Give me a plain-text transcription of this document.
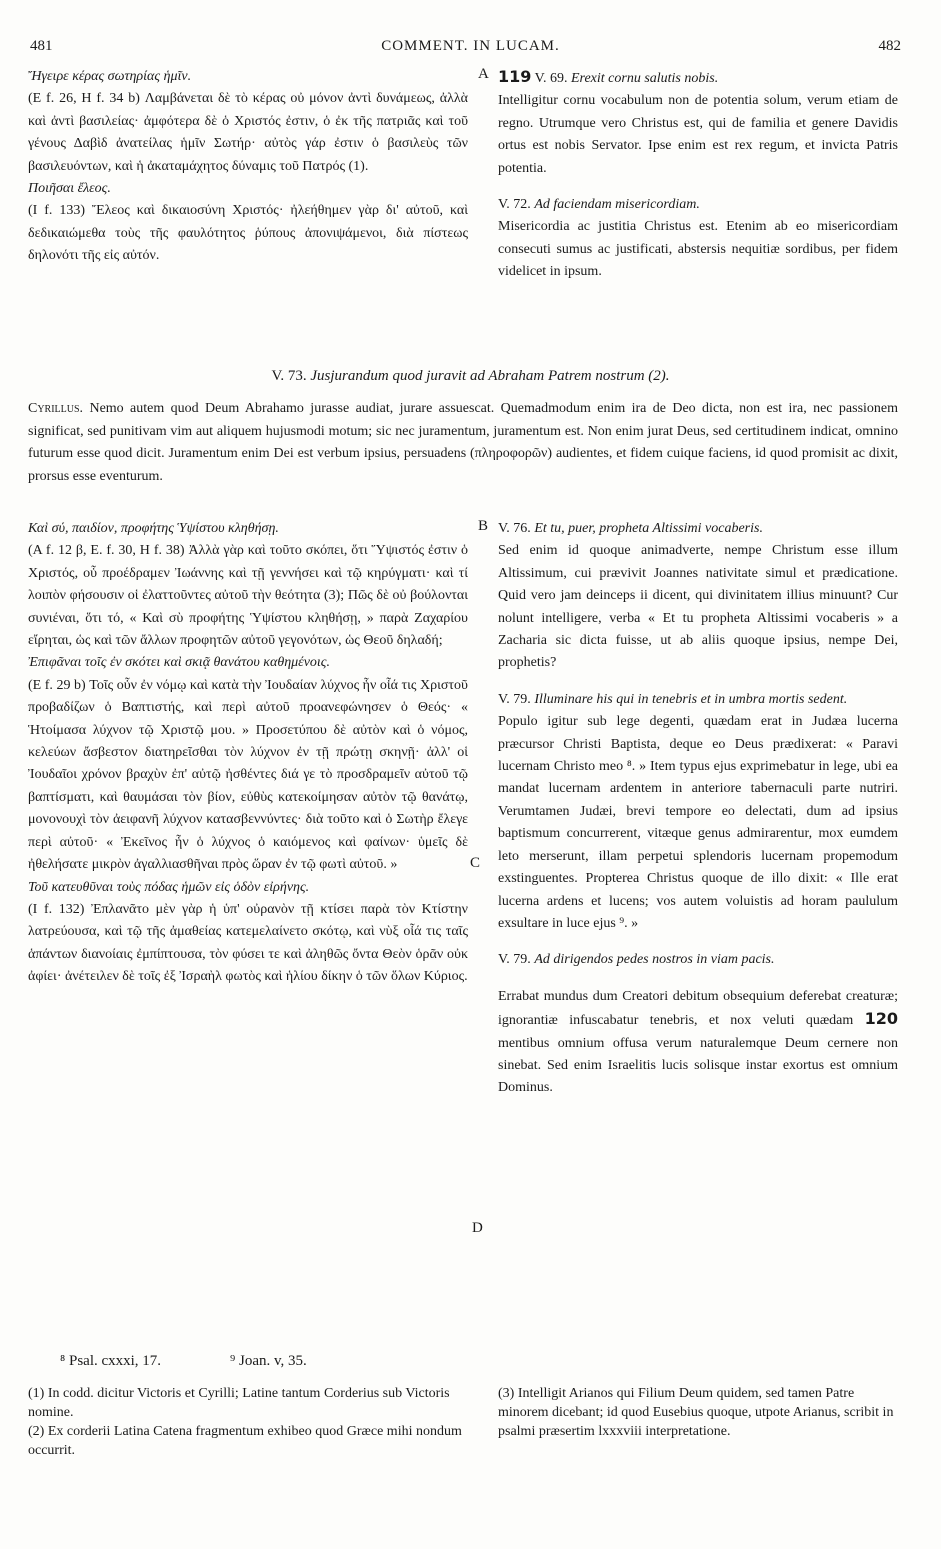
481	COMMENT. IN LUCAM.	482

Ἤγειρε κέρας σωτηρίας ἡμῖν.

(E f. 26, H f. 34 b) Λαμβάνεται δὲ τὸ κέρας οὐ μόνον ἀντὶ δυνάμεως, ἀλλὰ καὶ ἀντὶ βασιλείας· ἀμφότερα δὲ ὁ Χριστός ἐστιν, ὁ ἐκ τῆς πατριᾶς καὶ τοῦ γένους Δαβὶδ ἀνατείλας ἡμῖν Σωτήρ· αὐτὸς γάρ ἐστιν ὁ βασιλεὺς τῶν βασιλευόντων, καὶ ἡ ἀκαταμάχητος δύναμις τοῦ Πατρός (1).

Ποιῆσαι ἔλεος.

(I f. 133) Ἔλεος καὶ δικαιοσύνη Χριστός· ἠλεήθημεν γὰρ δι' αὐτοῦ, καὶ δεδικαιώμεθα τοὺς τῆς φαυλότητος ῥύπους ἀπονιψάμενοι, διὰ πίστεως δηλονότι τῆς εἰς αὐτόν.

A 119 V. 69. Erexit cornu salutis nobis.

Intelligitur cornu vocabulum non de potentia solum, verum etiam de regno. Utrumque vero Christus est, qui de familia et genere Davidis ortus est nobis Servator. Ipse enim est rex regum, et invicta Patris potentia.

V. 72. Ad faciendam misericordiam.

Misericordia ac justitia Christus est. Etenim ab eo misericordiam consecuti sumus ac justificati, abstersis nequitiæ sordibus, per fidem videlicet in ipsum.

V. 73. Jusjurandum quod juravit ad Abraham Patrem nostrum (2).

Cyrillus. Nemo autem quod Deum Abrahamo jurasse audiat, jurare assuescat. Quemadmodum enim ira de Deo dicta, non est ira, nec passionem significat, sed punitivam vim aut aliquem hujusmodi motum; sic nec juramentum, juramentum est. Non enim jurat Deus, sed certitudinem indicat, omnino futurum esse quod dicit. Juramentum enim Dei est verbum ipsius, persuadens (πληροφορῶν) audientes, et fidem cuique faciens, id quod promisit ac dixit, prorsus esse eventurum.

Καὶ σύ, παιδίον, προφήτης Ὑψίστου κληθήσῃ.

(A f. 12 β, E. f. 30, H f. 38) Ἀλλὰ γὰρ καὶ τοῦτο σκόπει, ὅτι Ὕψιστός ἐστιν ὁ Χριστός, οὗ προέδραμεν Ἰωάννης καὶ τῇ γεννήσει καὶ τῷ κηρύγματι· καὶ τί λοιπὸν φήσουσιν οἱ ἐλαττοῦντες αὐτοῦ τὴν θεότητα (3); Πῶς δὲ οὐ βούλονται συνιέναι, ὅτι τό, « Καὶ σὺ προφήτης Ὑψίστου κληθήσῃ, » παρὰ Ζαχαρίου εἴρηται, ὡς καὶ τῶν ἄλλων προφητῶν αὐτοῦ γεγονότων, ὡς Θεοῦ δηλαδή;

Ἐπιφᾶναι τοῖς ἐν σκότει καὶ σκιᾷ θανάτου καθημένοις.

(E f. 29 b) Τοῖς οὖν ἐν νόμῳ καὶ κατὰ τὴν Ἰουδαίαν λύχνος ἦν οἷά τις Χριστοῦ προβαδίζων ὁ Βαπτιστής, καὶ περὶ αὐτοῦ προανεφώνησεν ὁ Θεός· « Ἡτοίμασα λύχνον τῷ Χριστῷ μου. » Προσετύπου δὲ αὐτὸν καὶ ὁ νόμος, κελεύων ἄσβεστον διατηρεῖσθαι τὸν λύχνον ἐν τῇ πρώτῃ σκηνῇ· ἀλλ' οἱ Ἰουδαῖοι χρόνον βραχὺν ἐπ' αὐτῷ ἠσθέντες διά γε τὸ προσδραμεῖν αὐτοῦ τῷ βαπτίσματι, καὶ θαυμάσαι τὸν βίον, εὐθὺς κατεκοίμησαν αὐτὸν τῷ θανάτῳ, μονονουχὶ τὸν ἀειφανῆ λύχνον κατασβεννύντες· διὰ τοῦτο καὶ ὁ Σωτὴρ ἔλεγε περὶ αὐτοῦ· « Ἐκεῖνος ἦν ὁ λύχνος ὁ καιόμενος καὶ φαίνων· ὑμεῖς δὲ ἠθελήσατε μικρὸν ἀγαλλιασθῆναι πρὸς ὥραν ἐν τῷ φωτὶ αὐτοῦ. »

Τοῦ κατευθῦναι τοὺς πόδας ἡμῶν εἰς ὁδὸν εἰρήνης.

(I f. 132) Ἐπλανᾶτο μὲν γὰρ ἡ ὑπ' οὐρανὸν τῇ κτίσει παρὰ τὸν Κτίστην λατρεύουσα, καὶ τῷ τῆς ἀμαθείας κατεμελαίνετο σκότῳ, καὶ νὺξ οἷά τις ταῖς ἁπάντων διανοίαις ἐμπίπτουσα, τὸν φύσει τε καὶ ἀληθῶς ὄντα Θεὸν ὁρᾶν οὐκ ἀφίει· ἀνέτειλεν δὲ τοῖς ἐξ Ἰσραὴλ φωτὸς καὶ ἡλίου δίκην ὁ τῶν ὅλων Κύριος.

B
C
D

V. 76. Et tu, puer, propheta Altissimi vocaberis.

Sed enim id quoque animadverte, nempe Christum esse illum Altissimum, cui prævivit Joannes nativitate simul et prædicatione. Quid vero jam deinceps ii dicent, qui divinitatem illius minuunt? Cur nolunt intelligere, verba « Et tu propheta Altissimi vocaberis » a Zacharia sic dicta fuisse, ut ab aliis quoque ipsius, nempe Dei, prophetis?

V. 79. Illuminare his qui in tenebris et in umbra mortis sedent.

Populo igitur sub lege degenti, quædam erat in Judæa lucerna præcursor Christi Baptista, deque eo Deus prædixerat: « Paravi lucernam Christo meo ⁸. » Item typus ejus exprimebatur in lege, ubi ea mandat lucernam ardentem in anteriore tabernaculi parte nutriri. Verumtamen Judæi, brevi tempore eo delectati, dum ad ipsius baptismum concurrerent, vitæque genus admirarentur, mox eumdem leto merserunt, illam perpetui splendoris lucernam propemodum exstinguentes. Propterea Christus quoque de illo dixit: « Ille erat lucerna ardens et lucens; vos autem voluistis ad horam paululum exsultare in luce ejus ⁹. »

V. 79. Ad dirigendos pedes nostros in viam pacis.

Errabat mundus dum Creatori debitum obsequium deferebat creaturæ; ignorantiæ infuscabatur tenebris, et nox veluti quædam 120 mentibus omnium offusa verum naturalemque Deum cernere non sinebat. Sed enim Israelitis lucis solisque instar exortus est omnium Dominus.

⁸ Psal. cxxxi, 17.	⁹ Joan. v, 35.

(1) In codd. dicitur Victoris et Cyrilli; Latine tantum Corderius sub Victoris nomine.

(2) Ex corderii Latina Catena fragmentum exhibeo quod Græce mihi nondum occurrit.

(3) Intelligit Arianos qui Filium Deum quidem, sed tamen Patre minorem dicebant; id quod Eusebius quoque, utpote Arianus, scribit in psalmi præsertim lxxxviii interpretatione.
